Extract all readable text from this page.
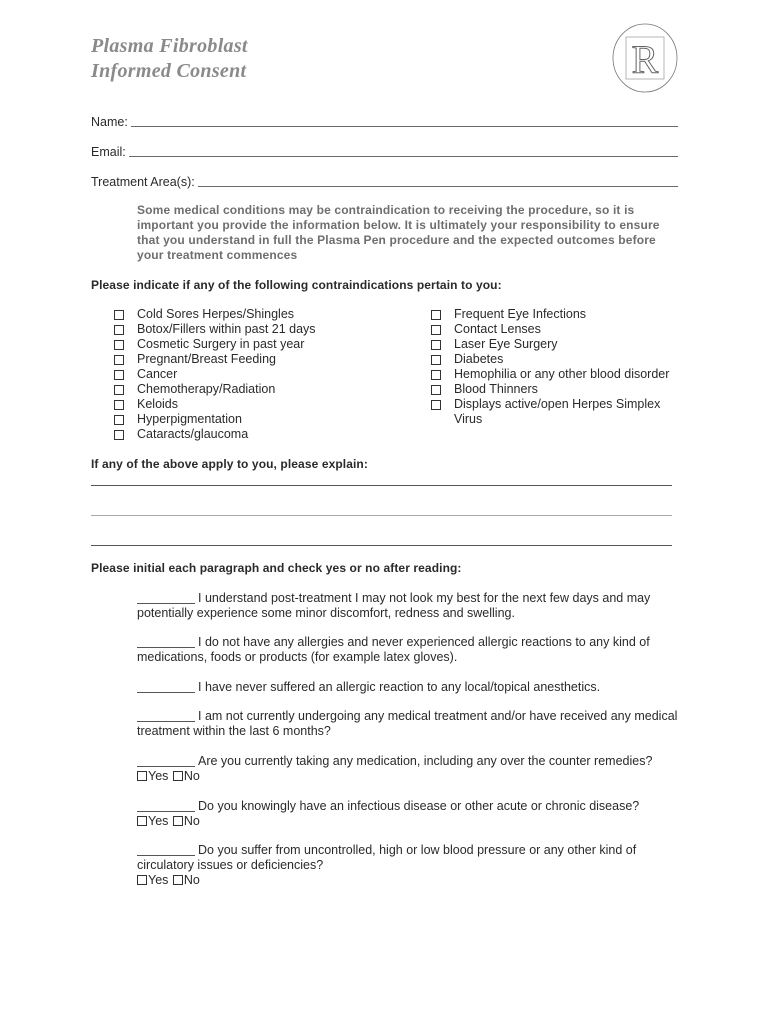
Plasma Fibroblast
Informed Consent	R
Name:
Email:
Treatment Area(s):

Some medical conditions may be contraindication to receiving the procedure, so it is important you provide the information below. It is ultimately your responsibility to ensure that you understand in full the Plasma Pen procedure and the expected outcomes before your treatment commences

Please indicate if any of the following contraindications pertain to you:
Cold Sores Herpes/Shingles
Botox/Fillers within past 21 days
Cosmetic Surgery in past year
Pregnant/Breast Feeding
Cancer
Chemotherapy/Radiation
Keloids
Hyperpigmentation
Cataracts/glaucoma
Frequent Eye Infections
Contact Lenses
Laser Eye Surgery
Diabetes
Hemophilia or any other blood disorder
Blood Thinners
Displays active/open Herpes Simplex Virus
If any of the above apply to you, please explain:
Please initial each paragraph and check yes or no after reading:

I understand post-treatment I may not look my best for the next few days and may potentially experience some minor discomfort, redness and swelling.

I do not have any allergies and never experienced allergic reactions to any kind of medications, foods or products (for example latex gloves).

I have never suffered an allergic reaction to any local/topical anesthetics.

I am not currently undergoing any medical treatment and/or have received any medical treatment within the last 6 months?

Are you currently taking any medication, including any over the counter remedies?
Yes No

Do you knowingly have an infectious disease or other acute or chronic disease?
Yes No

Do you suffer from uncontrolled, high or low blood pressure or any other kind of circulatory issues or deficiencies?
Yes No
